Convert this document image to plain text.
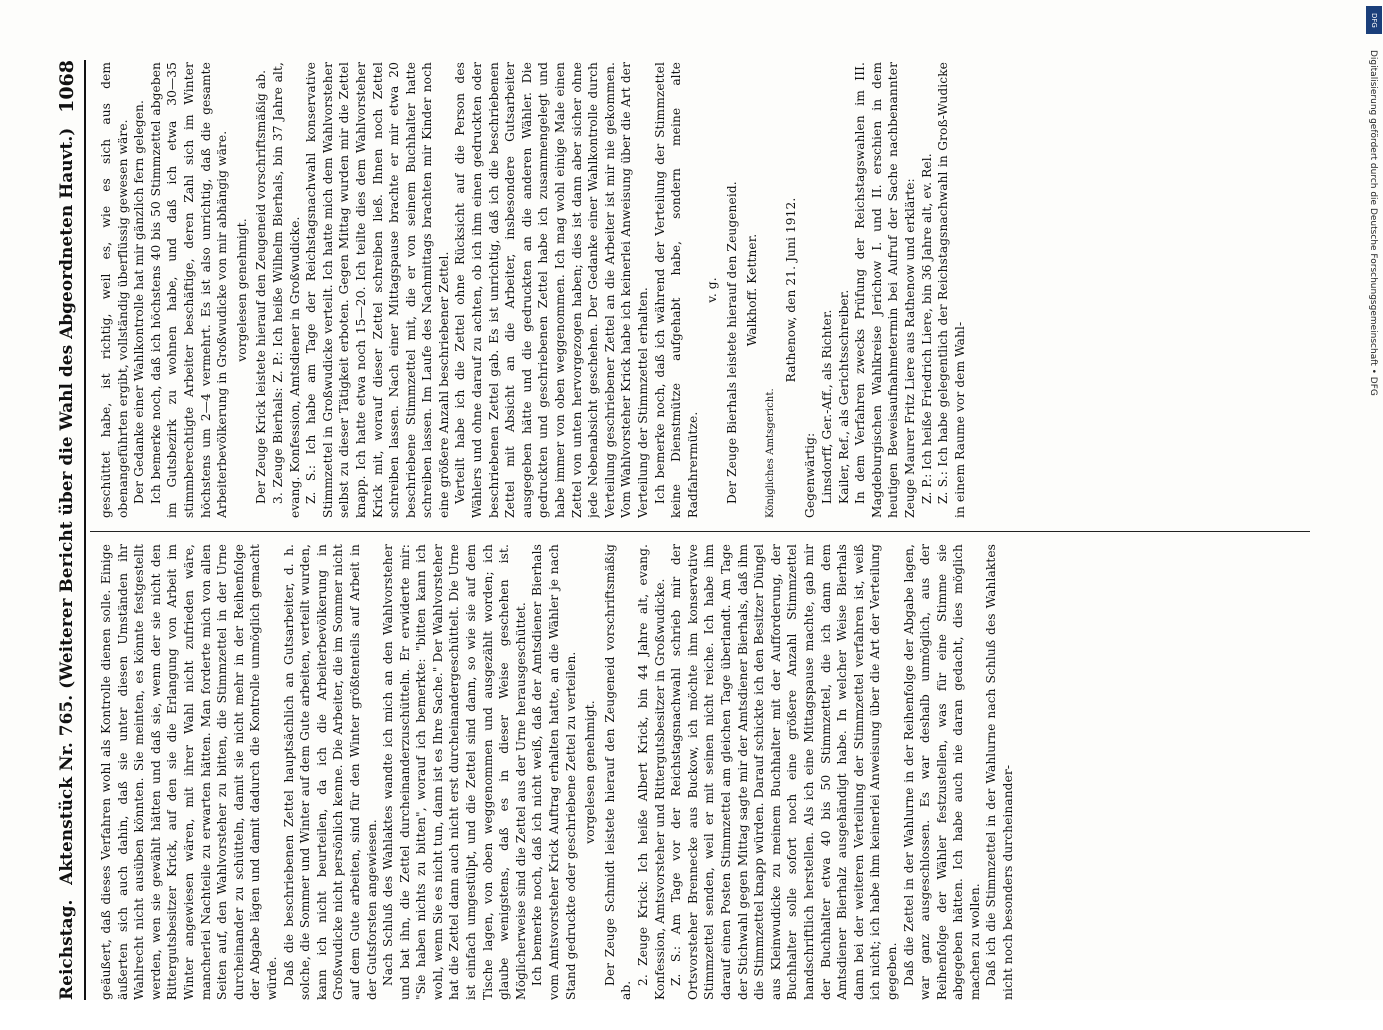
Reichstag.
Aktenstück Nr. 765. (Weiterer Bericht über die Wahl des Abgeordneten Hauvt.)
1068

geäußert, daß dieses Verfahren wohl als Kontrolle dienen solle. Einige äußerten sich auch dahin, daß sie unter diesen Umständen ihr Wahlrecht nicht ausüben könnten. Sie meinten, es könnte festgestellt werden, wen sie gewählt hätten und daß sie, wenn der sie nicht den Rittergutsbesitzer Krick, auf den sie die Erlangung von Arbeit im Winter angewiesen wären, mit ihrer Wahl nicht zufrieden wäre, mancherlei Nachteile zu erwarten hätten. Man forderte mich von allen Seiten auf, den Wahlvorsteher zu bitten, die Stimmzettel in der Urne durcheinander zu schütteln, damit sie nicht mehr in der Reihenfolge der Abgabe lägen und damit dadurch die Kontrolle unmöglich gemacht würde. Daß die beschriebenen Zettel hauptsächlich an Gutsarbeiter, d. h. solche, die Sommer und Winter auf dem Gute arbeiten, verteilt wurden, kann ich nicht beurteilen, da ich die Arbeiterbevölkerung in Großwudicke nicht persönlich kenne. Die Arbeiter, die im Sommer nicht auf dem Gute arbeiten, sind für den Winter größtenteils auf Arbeit in der Gutsforsten angewiesen. Nach Schluß des Wahlaktes wandte ich mich an den Wahlvorsteher und bat ihn, die Zettel durcheinanderzuschütteln. Er erwiderte mir: "Sie haben nichts zu bitten", worauf ich bemerkte: "bitten kann ich wohl, wenn Sie es nicht tun, dann ist es Ihre Sache." Der Wahlvorsteher hat die Zettel dann auch nicht erst durcheinandergeschüttelt. Die Urne ist einfach umgestülpt, und die Zettel sind dann, so wie sie auf dem Tische lagen, von oben weggenommen und ausgezählt worden; ich glaube wenigstens, daß es in dieser Weise geschehen ist. Möglicherweise sind die Zettel aus der Urne herausgeschüttet. Ich bemerke noch, daß ich nicht weiß, daß der Amtsdiener Bierhals vom Amtsvorsteher Krick Auftrag erhalten hatte, an die Wähler je nach Stand gedruckte oder geschriebene Zettel zu verteilen. vorgelesen genehmigt. Der Zeuge Schmidt leistete hierauf den Zeugeneid vorschriftsmäßig ab.

2. Zeuge Krick: Ich heiße Albert Krick, bin 44 Jahre alt, evang. Konfession, Amtsvorsteher und Rittergutsbesitzer in Großwudicke. Z. S.: Am Tage vor der Reichstagsnachwahl schrieb mir der Ortsvorsteher Brennecke aus Buckow, ich möchte ihm konservative Stimmzettel senden, weil er mit seinen nicht reiche. Ich habe ihm darauf einen Posten Stimmzettel am gleichen Tage überlandt. Am Tage der Stichwahl gegen Mittag sagte mir der Amtsdiener Bierhals, daß ihm die Stimmzettel knapp würden. Darauf schickte ich den Besitzer Düngel aus Kleinwudicke zu meinem Buchhalter mit der Aufforderung, der Buchhalter solle sofort noch eine größere Anzahl Stimmzettel handschriftlich herstellen. Als ich eine Mittagspause machte, gab mir der Buchhalter etwa 40 bis 50 Stimmzettel, die ich dann dem Amtsdiener Bierhalz ausgehändigt habe. In welcher Weise Bierhals dann bei der weiteren Verteilung der Stimmzettel verfahren ist, weiß ich nicht; ich habe ihm keinerlei Anweisung über die Art der Verteilung gegeben. Daß die Zettel in der Wahlurne in der Reihenfolge der Abgabe lagen, war ganz ausgeschlossen. Es war deshalb unmöglich, aus der Reihenfolge der Wähler festzustellen, was für eine Stimme sie abgegeben hätten. Ich habe auch nie daran gedacht, dies möglich machen zu wollen. Daß ich die Stimmzettel in der Wahlurne nach Schluß des Wahlaktes nicht noch besonders durcheinander-

geschüttet habe, ist richtig, weil es, wie es sich aus dem obenangeführten ergibt, vollständig überflüssig gewesen wäre. Der Gedanke einer Wahlkontrolle hat mir gänzlich fern gelegen. Ich bemerke noch, daß ich höchstens 40 bis 50 Stimmzettel abgeben im Gutsbezirk zu wohnen habe, und daß ich etwa 30—35 stimmberechtigte Arbeiter beschäftige, deren Zahl sich im Winter höchstens um 2—4 vermehrt. Es ist also unrichtig, daß die gesamte Arbeiterbevölkerung in Großwudicke von mir abhängig wäre. vorgelesen genehmigt. Der Zeuge Krick leistete hierauf den Zeugeneid vorschriftsmäßig ab. 3. Zeuge Bierhals: Z. P.: Ich heiße Wilhelm Bierhals, bin 37 Jahre alt, evang. Konfession, Amtsdiener in Großwudicke. Z. S.: Ich habe am Tage der Reichstagsnachwahl konservative Stimmzettel in Großwudicke verteilt. Ich hatte mich dem Wahlvorsteher selbst zu dieser Tätigkeit erboten. Gegen Mittag wurden mir die Zettel knapp. Ich hatte etwa noch 15—20. Ich teilte dies dem Wahlvorsteher Krick mit, worauf dieser Zettel schreiben ließ. Ihnen noch Zettel schreiben lassen. Nach einer Mittagspause brachte er mir etwa 20 beschriebene Stimmzettel mit, die er von seinem Buchhalter hatte schreiben lassen. Im Laufe des Nachmittags brachten mir Kinder noch eine größere Anzahl beschriebener Zettel. Verteilt habe ich die Zettel ohne Rücksicht auf die Person des Wählers und ohne darauf zu achten, ob ich ihm einen gedruckten oder beschriebenen Zettel gab. Es ist unrichtig, daß ich die beschriebenen Zettel mit Absicht an die Arbeiter, insbesondere Gutsarbeiter ausgegeben hätte und die gedruckten an die anderen Wähler. Die gedruckten und geschriebenen Zettel habe ich zusammengelegt und habe immer von oben weggenommen. Ich mag wohl einige Male einen Zettel von unten hervorgezogen haben; dies ist dann aber sicher ohne jede Nebenabsicht geschehen. Der Gedanke einer Wahlkontrolle durch Verteilung geschriebener Zettel an die Arbeiter ist mir nie gekommen. Vom Wahlvorsteher Krick habe ich keinerlei Anweisung über die Art der Verteilung der Stimmzettel erhalten. Ich bemerke noch, daß ich während der Verteilung der Stimmzettel keine Dienstmütze aufgehabt habe, sondern meine alte Radfahrermütze.

v. g. Der Zeuge Bierhals leistete hierauf den Zeugeneid. Walkhoff. Kettner.

Königliches Amtsgericht.

Rathenow, den 21. Juni 1912.

Gegenwärtig: Linsdorff, Ger.-Aff., als Richter. Kailer, Ref., als Gerichtsschreiber. In dem Verfahren zwecks Prüfung der Reichstagswahlen im III. Magdeburgischen Wahlkreise Jerichow I. und II. erschien in dem heutigen Beweisaufnahmetermin bei Aufruf der Sache nachbenannter Zeuge Maurer Fritz Liere aus Rathenow und erklärte: Z. P.: Ich heiße Friedrich Liere, bin 36 Jahre alt, ev. Rel. Z. S.: Ich habe gelegentlich der Reichstagsnachwahl in Groß-Wudicke in einem Raume vor dem Wahl-

DFG
Digitalisierung gefördert durch die Deutsche Forschungsgemeinschaft • DFG
